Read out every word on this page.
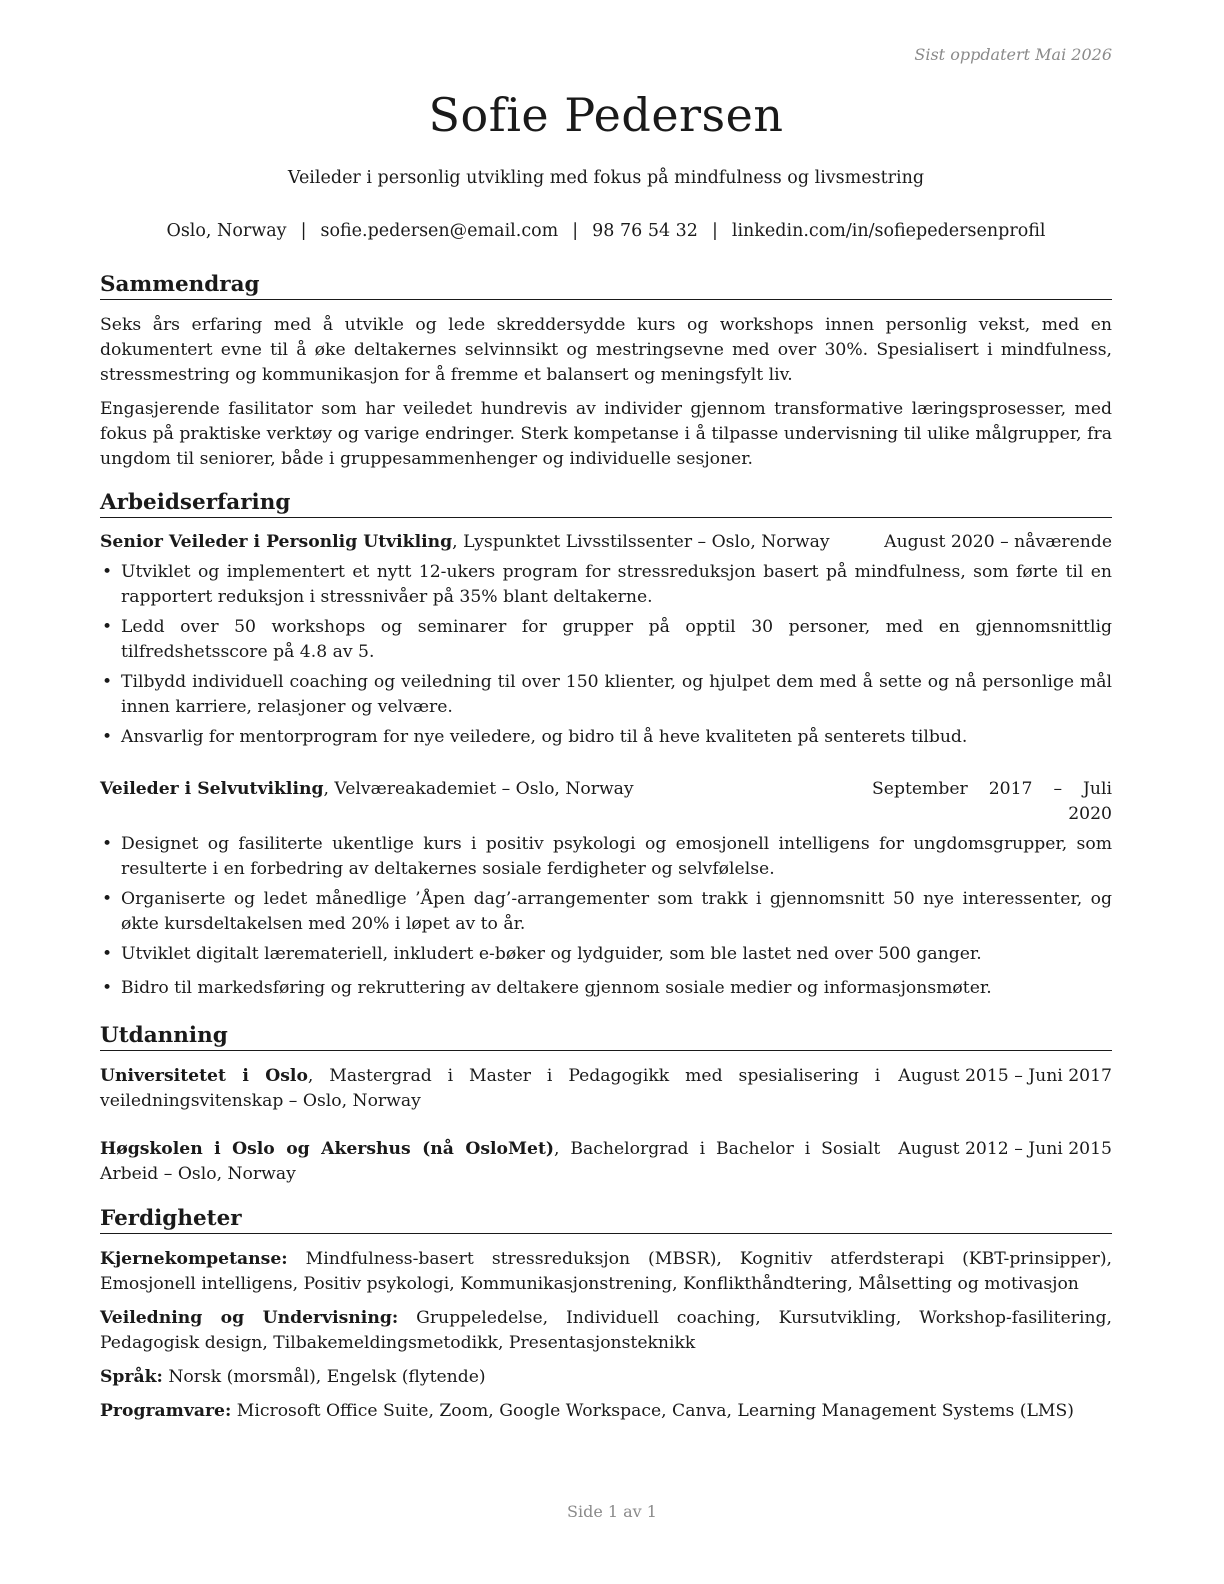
Sist oppdatert Mai 2026
Sofie Pedersen
Veileder i personlig utvikling med fokus på mindfulness og livsmestring
Oslo, Norway | sofie.pedersen@email.com | 98 76 54 32 | linkedin.com/in/sofiepedersenprofil
Sammendrag

Seks års erfaring med å utvikle og lede skreddersydde kurs og workshops innen personlig vekst, med en dokumentert evne til å øke deltakernes selvinnsikt og mestringsevne med over 30%. Spesialisert i mindfulness, stressmestring og kommunikasjon for å fremme et balansert og meningsfylt liv.

Engasjerende fasilitator som har veiledet hundrevis av individer gjennom transformative læringsprosesser, med fokus på praktiske verktøy og varige endringer. Sterk kompetanse i å tilpasse undervisning til ulike målgrupper, fra ungdom til seniorer, både i gruppesammenhenger og individuelle sesjoner.

Arbeidserfaring
Senior Veileder i Personlig Utvikling, Lyspunktet Livsstilssenter – Oslo, Norway	August 2020 – nåværende
• Utviklet og implementert et nytt 12-ukers program for stressreduksjon basert på mindfulness, som førte til en rapportert reduksjon i stressnivåer på 35% blant deltakerne.
• Ledd over 50 workshops og seminarer for grupper på opptil 30 personer, med en gjennomsnittlig tilfredshetsscore på 4.8 av 5.
• Tilbydd individuell coaching og veiledning til over 150 klienter, og hjulpet dem med å sette og nå personlige mål innen karriere, relasjoner og velvære.
• Ansvarlig for mentorprogram for nye veiledere, og bidro til å heve kvaliteten på senterets tilbud.
Veileder i Selvutvikling, Velværeakademiet – Oslo, Norway	September 2017 – Juli 2020
• Designet og fasiliterte ukentlige kurs i positiv psykologi og emosjonell intelligens for ungdomsgrupper, som resulterte i en forbedring av deltakernes sosiale ferdigheter og selvfølelse.
• Organiserte og ledet månedlige ’Åpen dag’-arrangementer som trakk i gjennomsnitt 50 nye interessenter, og økte kursdeltakelsen med 20% i løpet av to år.
• Utviklet digitalt læremateriell, inkludert e-bøker og lydguider, som ble lastet ned over 500 ganger.
• Bidro til markedsføring og rekruttering av deltakere gjennom sosiale medier og informasjonsmøter.
Utdanning
Universitetet i Oslo, Mastergrad i Master i Pedagogikk med spesialisering i veiledningsvitenskap – Oslo, Norway
August 2015 – Juni 2017
Høgskolen i Oslo og Akershus (nå OsloMet), Bachelorgrad i Bachelor i Sosialt Arbeid – Oslo, Norway
August 2012 – Juni 2015
Ferdigheter

Kjernekompetanse: Mindfulness-basert stressreduksjon (MBSR), Kognitiv atferdsterapi (KBT-prinsipper), Emosjonell intelligens, Positiv psykologi, Kommunikasjonstrening, Konflikthåndtering, Målsetting og motivasjon

Veiledning og Undervisning: Gruppeledelse, Individuell coaching, Kursutvikling, Workshop-fasilitering, Pedagogisk design, Tilbakemeldingsmetodikk, Presentasjonsteknikk

Språk: Norsk (morsmål), Engelsk (flytende)

Programvare: Microsoft Office Suite, Zoom, Google Workspace, Canva, Learning Management Systems (LMS)

Side 1 av 1
